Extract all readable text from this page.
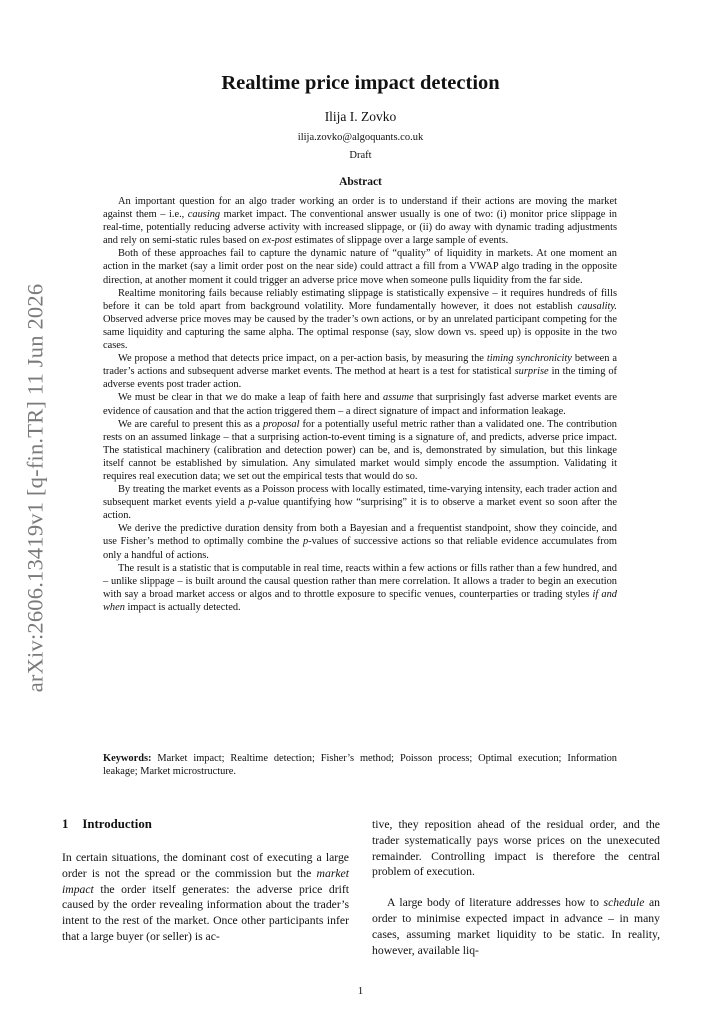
arXiv:2606.13419v1 [q-fin.TR] 11 Jun 2026
Realtime price impact detection
Ilija I. Zovko
ilija.zovko@algoquants.co.uk
Draft
Abstract

An important question for an algo trader working an order is to understand if their actions are moving the market against them – i.e., causing market impact. The conventional answer usually is one of two: (i) monitor price slippage in real-time, potentially reducing adverse activity with increased slippage, or (ii) do away with dynamic trading adjustments and rely on semi-static rules based on ex-post estimates of slippage over a large sample of events.

Both of these approaches fail to capture the dynamic nature of “quality” of liquidity in markets. At one moment an action in the market (say a limit order post on the near side) could attract a fill from a VWAP algo trading in the opposite direction, at another moment it could trigger an adverse price move when someone pulls liquidity from the far side.

Realtime monitoring fails because reliably estimating slippage is statistically expensive – it requires hundreds of fills before it can be told apart from background volatility. More fundamentally however, it does not establish causality. Observed adverse price moves may be caused by the trader’s own actions, or by an unrelated participant competing for the same liquidity and capturing the same alpha. The optimal response (say, slow down vs. speed up) is opposite in the two cases.

We propose a method that detects price impact, on a per-action basis, by measuring the timing synchronicity between a trader’s actions and subsequent adverse market events. The method at heart is a test for statistical surprise in the timing of adverse events post trader action.

We must be clear in that we do make a leap of faith here and assume that surprisingly fast adverse market events are evidence of causation and that the action triggered them – a direct signature of impact and information leakage.

We are careful to present this as a proposal for a potentially useful metric rather than a validated one. The contribution rests on an assumed linkage – that a surprising action-to-event timing is a signature of, and predicts, adverse price impact. The statistical machinery (calibration and detection power) can be, and is, demonstrated by simulation, but this linkage itself cannot be established by simulation. Any simulated market would simply encode the assumption. Validating it requires real execution data; we set out the empirical tests that would do so.

By treating the market events as a Poisson process with locally estimated, time-varying intensity, each trader action and subsequent market events yield a p-value quantifying how “surprising” it is to observe a market event so soon after the action.

We derive the predictive duration density from both a Bayesian and a frequentist standpoint, show they coincide, and use Fisher’s method to optimally combine the p-values of successive actions so that reliable evidence accumulates from only a handful of actions.

The result is a statistic that is computable in real time, reacts within a few actions or fills rather than a few hundred, and – unlike slippage – is built around the causal question rather than mere correlation. It allows a trader to begin an execution with say a broad market access or algos and to throttle exposure to specific venues, counterparties or trading styles if and when impact is actually detected.

Keywords: Market impact; Realtime detection; Fisher’s method; Poisson process; Optimal execution; Information leakage; Market microstructure.
1 Introduction

In certain situations, the dominant cost of executing a large order is not the spread or the commission but the market impact the order itself generates: the adverse price drift caused by the order revealing information about the trader’s intent to the rest of the market. Once other participants infer that a large buyer (or seller) is ac-

tive, they reposition ahead of the residual order, and the trader systematically pays worse prices on the unexecuted remainder. Controlling impact is therefore the central problem of execution.

A large body of literature addresses how to schedule an order to minimise expected impact in advance – in many cases, assuming market liquidity to be static. In reality, however, available liq-

1
